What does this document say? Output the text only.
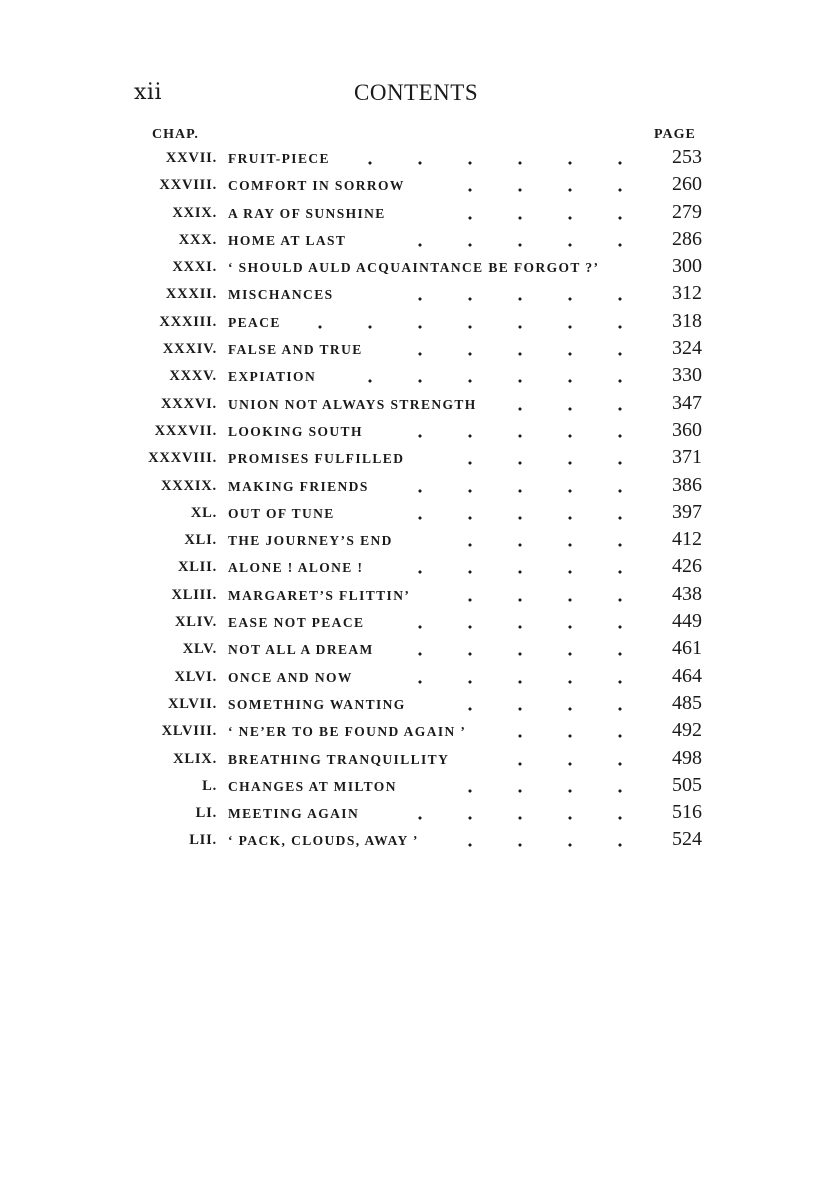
xii	CONTENTS
CHAP.	PAGE
XXVII. FRUIT-PIECE	253
XXVIII. COMFORT IN SORROW	260
XXIX. A RAY OF SUNSHINE	279
XXX. HOME AT LAST	286
XXXI. ‘ SHOULD AULD ACQUAINTANCE BE FORGOT ?’	300
XXXII. MISCHANCES	312
XXXIII. PEACE	318
XXXIV. FALSE AND TRUE	324
XXXV. EXPIATION	330
XXXVI. UNION NOT ALWAYS STRENGTH	347
XXXVII. LOOKING SOUTH	360
XXXVIII. PROMISES FULFILLED	371
XXXIX. MAKING FRIENDS	386
XL. OUT OF TUNE	397
XLI. THE JOURNEY’S END	412
XLII. ALONE ! ALONE !	426
XLIII. MARGARET’S FLITTIN’	438
XLIV. EASE NOT PEACE	449
XLV. NOT ALL A DREAM	461
XLVI. ONCE AND NOW	464
XLVII. SOMETHING WANTING	485
XLVIII. ‘ NE’ER TO BE FOUND AGAIN ’	492
XLIX. BREATHING TRANQUILLITY	498
L. CHANGES AT MILTON	505
LI. MEETING AGAIN	516
LII. ‘ PACK, CLOUDS, AWAY ’	524
